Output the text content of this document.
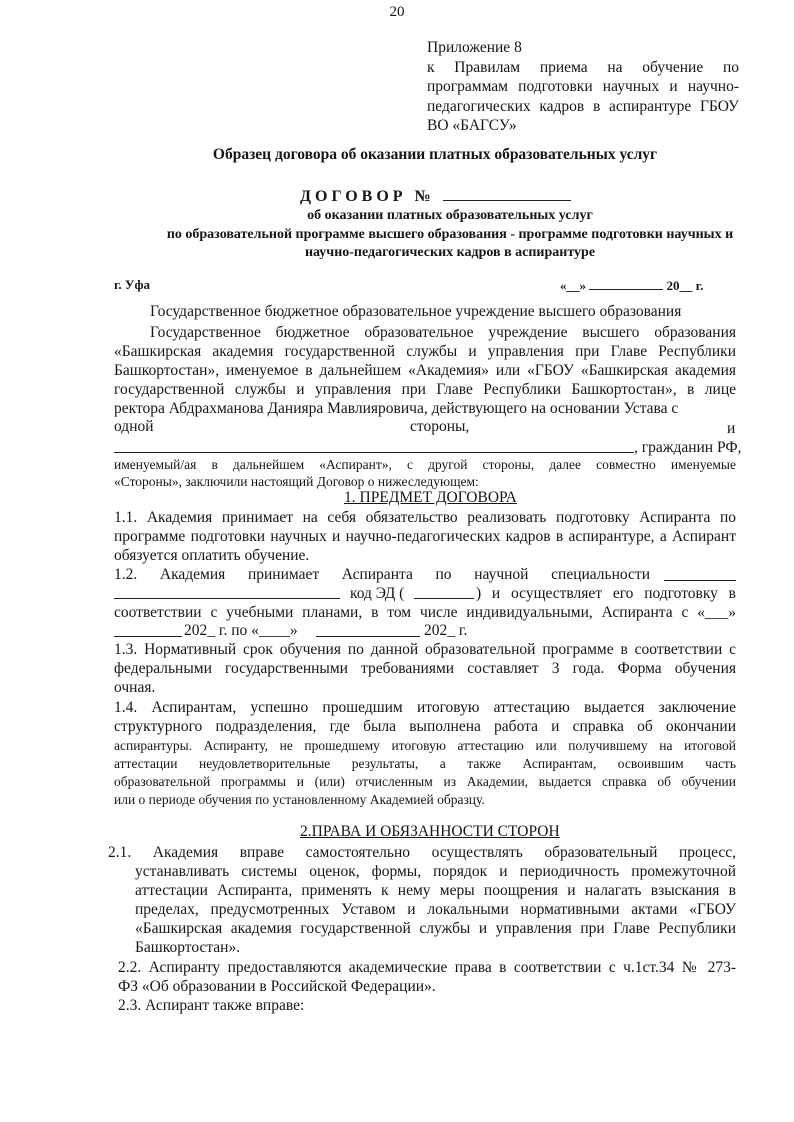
20
Приложение 8
к Правилам приема на обучение по
программам подготовки научных и научно-
педагогических кадров в аспирантуре ГБОУ
ВО «БАГСУ»
Образец договора об оказании платных образовательных услуг
ДОГОВОР №
об оказании платных образовательных услуг
по образовательной программе высшего образования - программе подготовки научных и
научно-педагогических кадров в аспирантуре
г. Уфа	«__»	20__ г.
Государственное бюджетное образовательное учреждение высшего образования
Государственное бюджетное образовательное учреждение высшего образования
«Башкирская академия государственной службы и управления при Главе Республики
Башкортостан», именуемое в дальнейшем «Академия» или «ГБОУ «Башкирская академия
государственной службы и управления при Главе Республики Башкортостан», в лице
ректора Абдрахманова Данияра Мавлияровича, действующего на основании Устава с
одной	стороны,	и
, гражданин РФ,
именуемый/ая в дальнейшем «Аспирант», с другой стороны, далее совместно именуемые
«Стороны», заключили настоящий Договор о нижеследующем:
1. ПРЕДМЕТ ДОГОВОРА
1.1. Академия принимает на себя обязательство реализовать подготовку Аспиранта по
программе подготовки научных и научно-педагогических кадров в аспирантуре, а Аспирант
обязуется оплатить обучение.
1.2. Академия принимает Аспиранта по научной специальности
код ЭД (	) и осуществляет его подготовку в
соответствии с учебными планами, в том числе индивидуальными, Аспиранта с «___»
202_ г. по «____»	202_ г.
1.3. Нормативный срок обучения по данной образовательной программе в соответствии с
федеральными государственными требованиями составляет 3 года. Форма обучения
очная.
1.4. Аспирантам, успешно прошедшим итоговую аттестацию выдается заключение
структурного подразделения, где была выполнена работа и справка об окончании
аспирантуры. Аспиранту, не прошедшему итоговую аттестацию или получившему на итоговой
аттестации неудовлетворительные результаты, а также Аспирантам, освоившим часть
образовательной программы и (или) отчисленным из Академии, выдается справка об обучении
или о периоде обучения по установленному Академией образцу.
2.ПРАВА И ОБЯЗАННОСТИ СТОРОН
2.1. Академия вправе самостоятельно осуществлять образовательный процесс,
устанавливать системы оценок, формы, порядок и периодичность промежуточной
аттестации Аспиранта, применять к нему меры поощрения и налагать взыскания в
пределах, предусмотренных Уставом и локальными нормативными актами «ГБОУ
«Башкирская академия государственной службы и управления при Главе Республики
Башкортостан».
2.2. Аспиранту предоставляются академические права в соответствии с ч.1ст.34 № 273-
ФЗ «Об образовании в Российской Федерации».
2.3. Аспирант также вправе:
